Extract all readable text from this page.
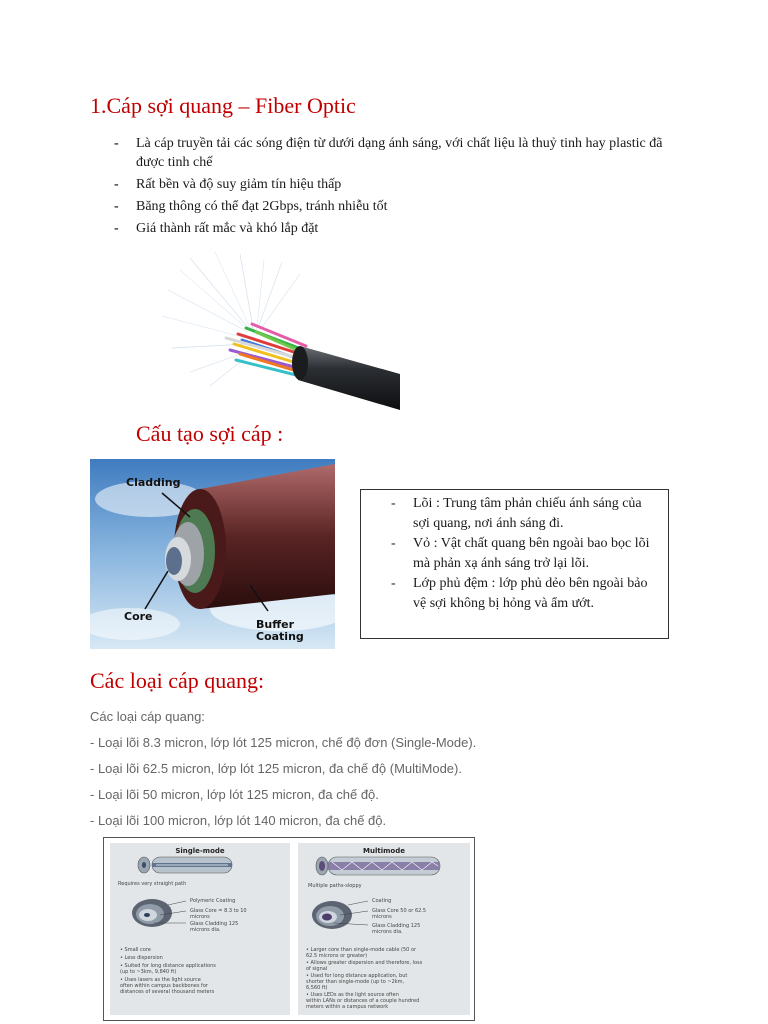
1.Cáp sợi quang – Fiber Optic
- Là cáp truyền tải các sóng điện từ dưới dạng ánh sáng, với chất liệu là thuỷ tinh hay plastic đã được tinh chế
- Rất bền và độ suy giảm tín hiệu thấp
- Băng thông có thể đạt 2Gbps, tránh nhiễu tốt
- Giá thành rất mắc và khó lắp đặt
Cấu tạo sợi cáp :
Cladding
Core
Buffer
Coating
- Lõi : Trung tâm phản chiếu ánh sáng của sợi quang, nơi ánh sáng đi.
- Vỏ : Vật chất quang bên ngoài bao bọc lõi mà phản xạ ánh sáng trở lại lõi.
- Lớp phủ đệm : lớp phủ dẻo bên ngoài bảo vệ sợi không bị hỏng và ẩm ướt.
Các loại cáp quang:
Các loại cáp quang:
- Loại lõi 8.3 micron, lớp lót 125 micron, chế độ đơn (Single-Mode).
- Loại lõi 62.5 micron, lớp lót 125 micron, đa chế độ (MultiMode).
- Loại lõi 50 micron, lớp lót 125 micron, đa chế độ.
- Loại lõi 100 micron, lớp lót 140 micron, đa chế độ.
Single-mode
Requires very straight path
Polymeric Coating
Glass Core = 8.3 to 10
microns
Glass Cladding 125
microns dia.
• Small core
• Less dispersion
• Suited for long distance applications
(up to ~3km, 9,840 ft)
• Uses lasers as the light source
often within campus backbones for
distances of several thousand meters
Multimode
Multiple paths-sloppy
Coating
Glass Core 50 or 62.5
microns
Glass Cladding 125
microns dia.
• Larger core than single-mode cable (50 or
62.5 microns or greater)
• Allows greater dispersion and therefore, loss
of signal
• Used for long distance application, but
shorter than single-mode (up to ~2km,
6,560 ft)
• Uses LEDs as the light source often
within LANs or distances of a couple hundred
meters within a campus network
